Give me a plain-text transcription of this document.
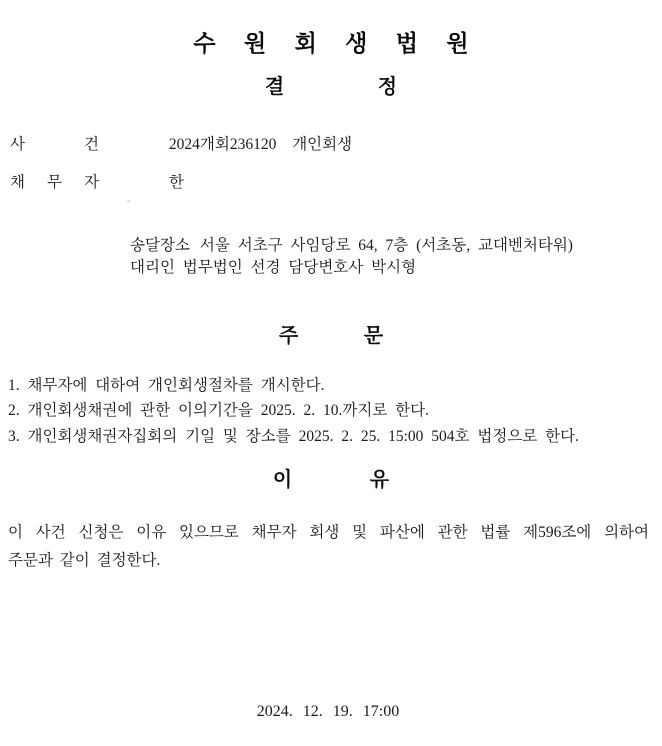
수 원 회 생 법 원
결 정
사	건	2024개회236120 개인회생
채 무 자	한
송달장소 서울 서초구 사임당로 64, 7층 (서초동, 교대벤처타워)
대리인 법무법인 선경 담당변호사 박시형
주 문
1. 채무자에 대하여 개인회생절차를 개시한다.
2. 개인회생채권에 관한 이의기간을 2025. 2. 10.까지로 한다.
3. 개인회생채권자집회의 기일 및 장소를 2025. 2. 25. 15:00 504호 법정으로 한다.
이 유
이 사건 신청은 이유 있으므로 채무자 회생 및 파산에 관한 법률 제596조에 의하여
주문과 같이 결정한다.
2024. 12. 19. 17:00
